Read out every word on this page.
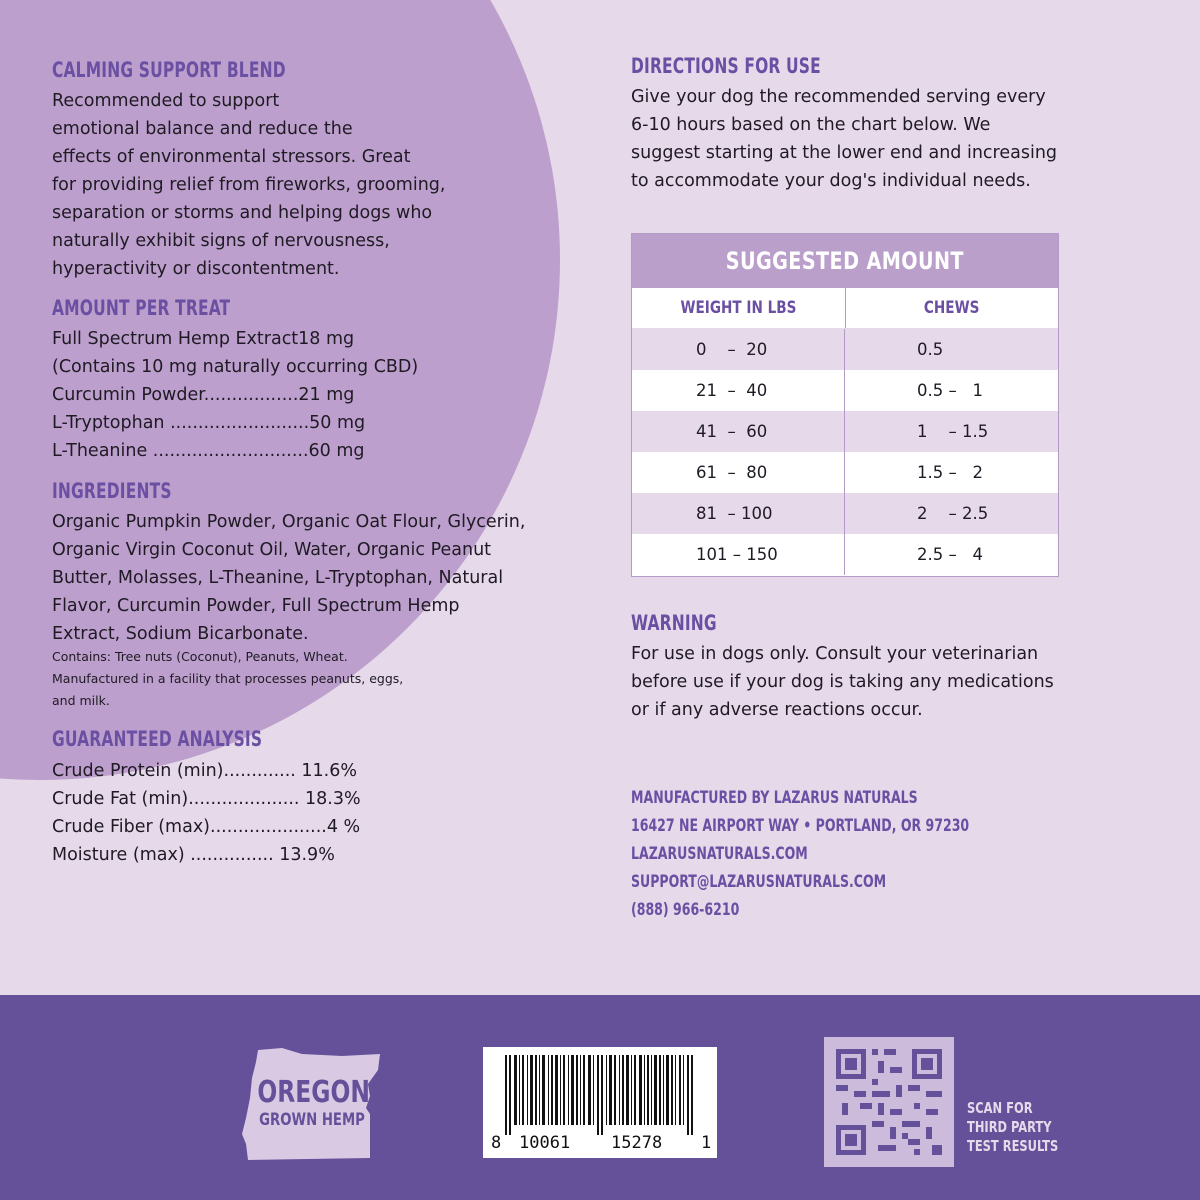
CALMING SUPPORT BLEND
Recommended to support
emotional balance and reduce the
effects of environmental stressors. Great
for providing relief from fireworks, grooming,
separation or storms and helping dogs who
naturally exhibit signs of nervousness,
hyperactivity or discontentment.
AMOUNT PER TREAT
Full Spectrum Hemp Extract18 mg
(Contains 10 mg naturally occurring CBD)
Curcumin Powder.................21 mg
L-Tryptophan .........................50 mg
L-Theanine ............................60 mg
INGREDIENTS
Organic Pumpkin Powder, Organic Oat Flour, Glycerin,
Organic Virgin Coconut Oil, Water, Organic Peanut
Butter, Molasses, L-Theanine, L-Tryptophan, Natural
Flavor, Curcumin Powder, Full Spectrum Hemp
Extract, Sodium Bicarbonate.
Contains: Tree nuts (Coconut), Peanuts, Wheat.
Manufactured in a facility that processes peanuts, eggs,
and milk.
GUARANTEED ANALYSIS
Crude Protein (min)............. 11.6%
Crude Fat (min).................... 18.3%
Crude Fiber (max).....................4 %
Moisture (max) ............... 13.9%
DIRECTIONS FOR USE
Give your dog the recommended serving every
6-10 hours based on the chart below. We
suggest starting at the lower end and increasing
to accommodate your dog's individual needs.
SUGGESTED AMOUNT
WEIGHT IN LBS	CHEWS
0    –  20	0.5
21  –  40	0.5 –   1
41  –  60	1    – 1.5
61  –  80	1.5 –   2
81  – 100	2    – 2.5
101 – 150	2.5 –   4
WARNING
For use in dogs only. Consult your veterinarian
before use if your dog is taking any medications
or if any adverse reactions occur.
MANUFACTURED BY LAZARUS NATURALS
16427 NE AIRPORT WAY • PORTLAND, OR 97230
LAZARUSNATURALS.COM
SUPPORT@LAZARUSNATURALS.COM
(888) 966-6210
OREGON
GROWN HEMP
8 10061 15278 1
SCAN FOR
THIRD PARTY
TEST RESULTS
